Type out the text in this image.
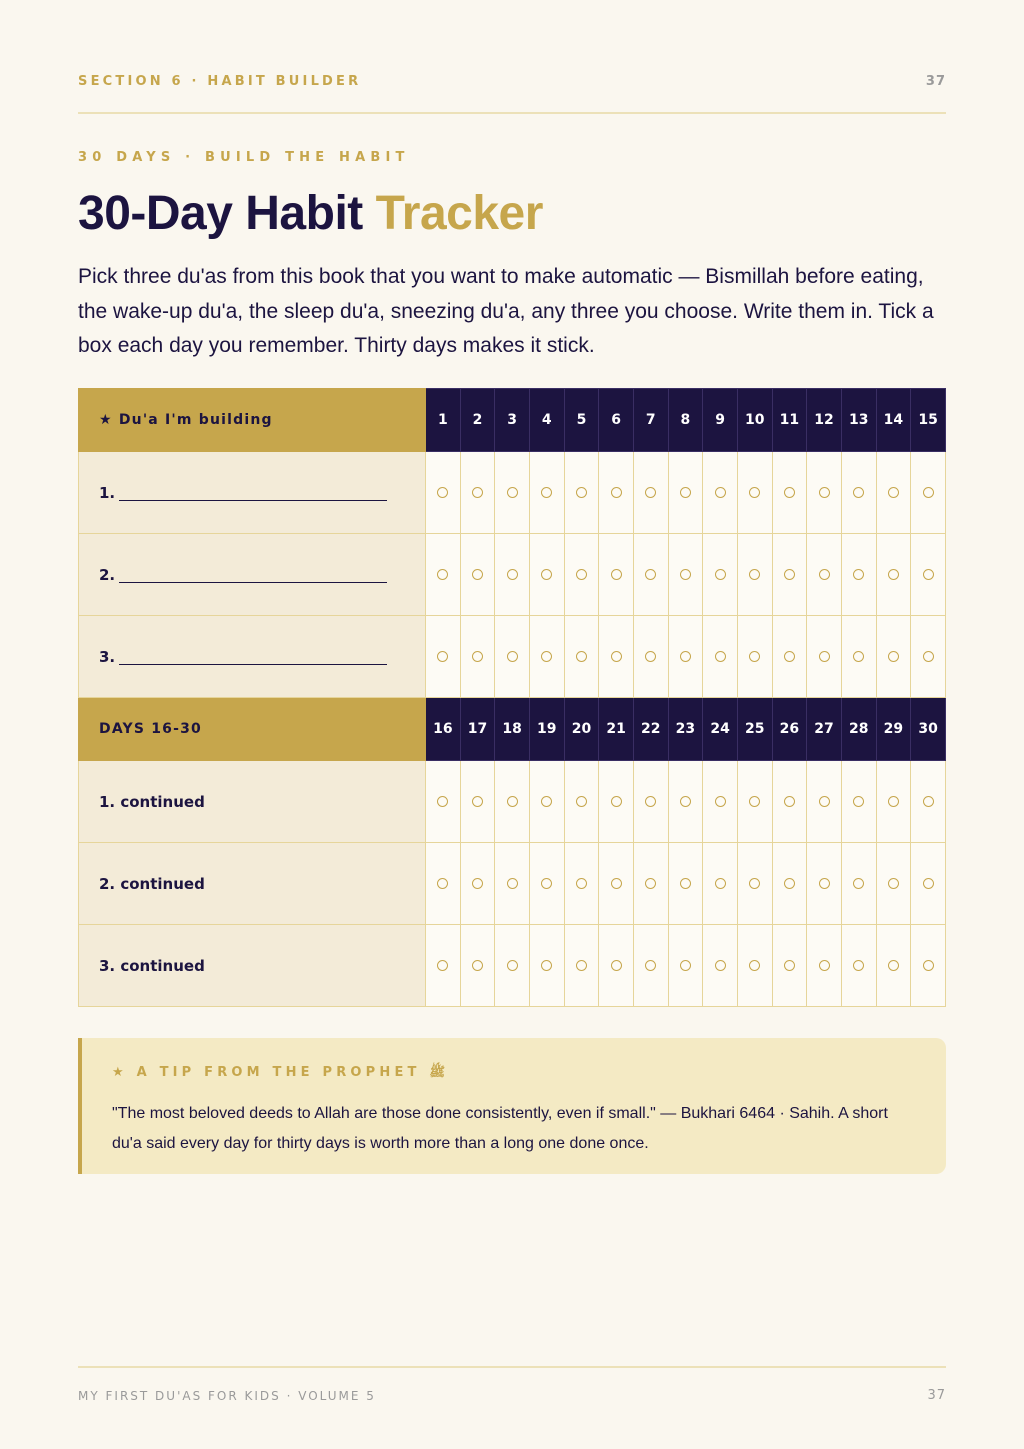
SECTION 6 · HABIT BUILDER	37
30 DAYS · BUILD THE HABIT
30-Day Habit Tracker

Pick three du'as from this book that you want to make automatic — Bismillah before eating, the wake-up du'a, the sleep du'a, sneezing du'a, any three you choose. Write them in. Tick a box each day you remember. Thirty days makes it stick.

★ Du'a I'm building	1	2	3	4	5	6	7	8	9	10	11	12	13	14	15
1.															
2.															
3.															
DAYS 16-30	16	17	18	19	20	21	22	23	24	25	26	27	28	29	30
1. continued															
2. continued															
3. continued															
★ A TIP FROM THE PROPHET ﷺ
"The most beloved deeds to Allah are those done consistently, even if small." — Bukhari 6464 · Sahih. A short du'a said every day for thirty days is worth more than a long one done once.
MY FIRST DU'AS FOR KIDS · VOLUME 5	37
